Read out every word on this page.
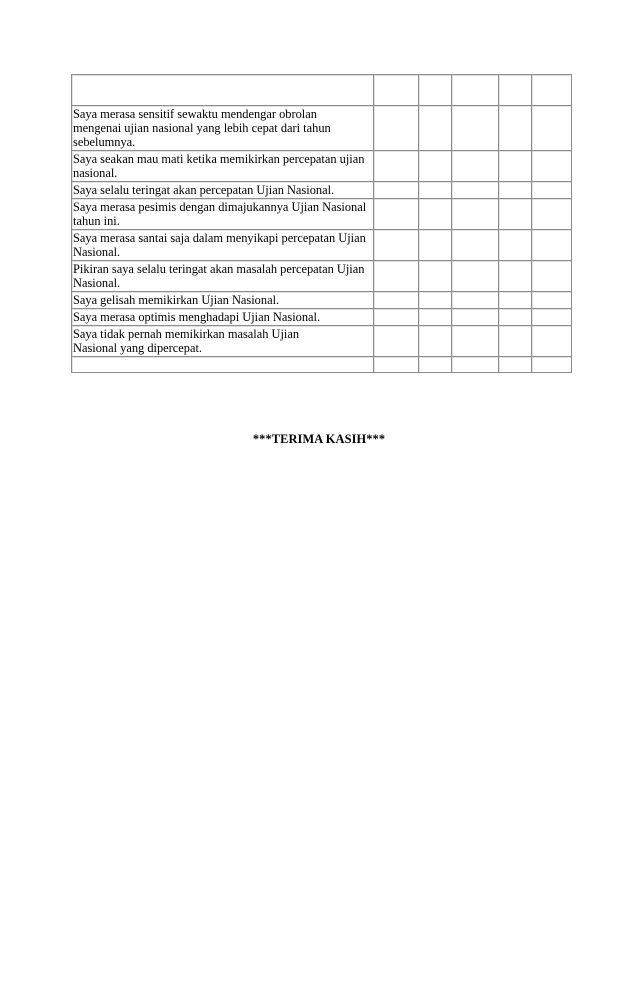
Saya merasa sensitif sewaktu mendengar obrolan mengenai ujian nasional yang lebih cepat dari tahun sebelumnya.					
Saya seakan mau mati ketika memikirkan percepatan ujian nasional.					
Saya selalu teringat akan percepatan Ujian Nasional.					
Saya merasa pesimis dengan dimajukannya Ujian Nasional tahun ini.					
Saya merasa santai saja dalam menyikapi percepatan Ujian Nasional.					
Pikiran saya selalu teringat akan masalah percepatan Ujian Nasional.					
Saya gelisah memikirkan Ujian Nasional.					
Saya merasa optimis menghadapi Ujian Nasional.					
Saya tidak pernah memikirkan masalah Ujian Nasional yang dipercepat.					

***TERIMA KASIH***
